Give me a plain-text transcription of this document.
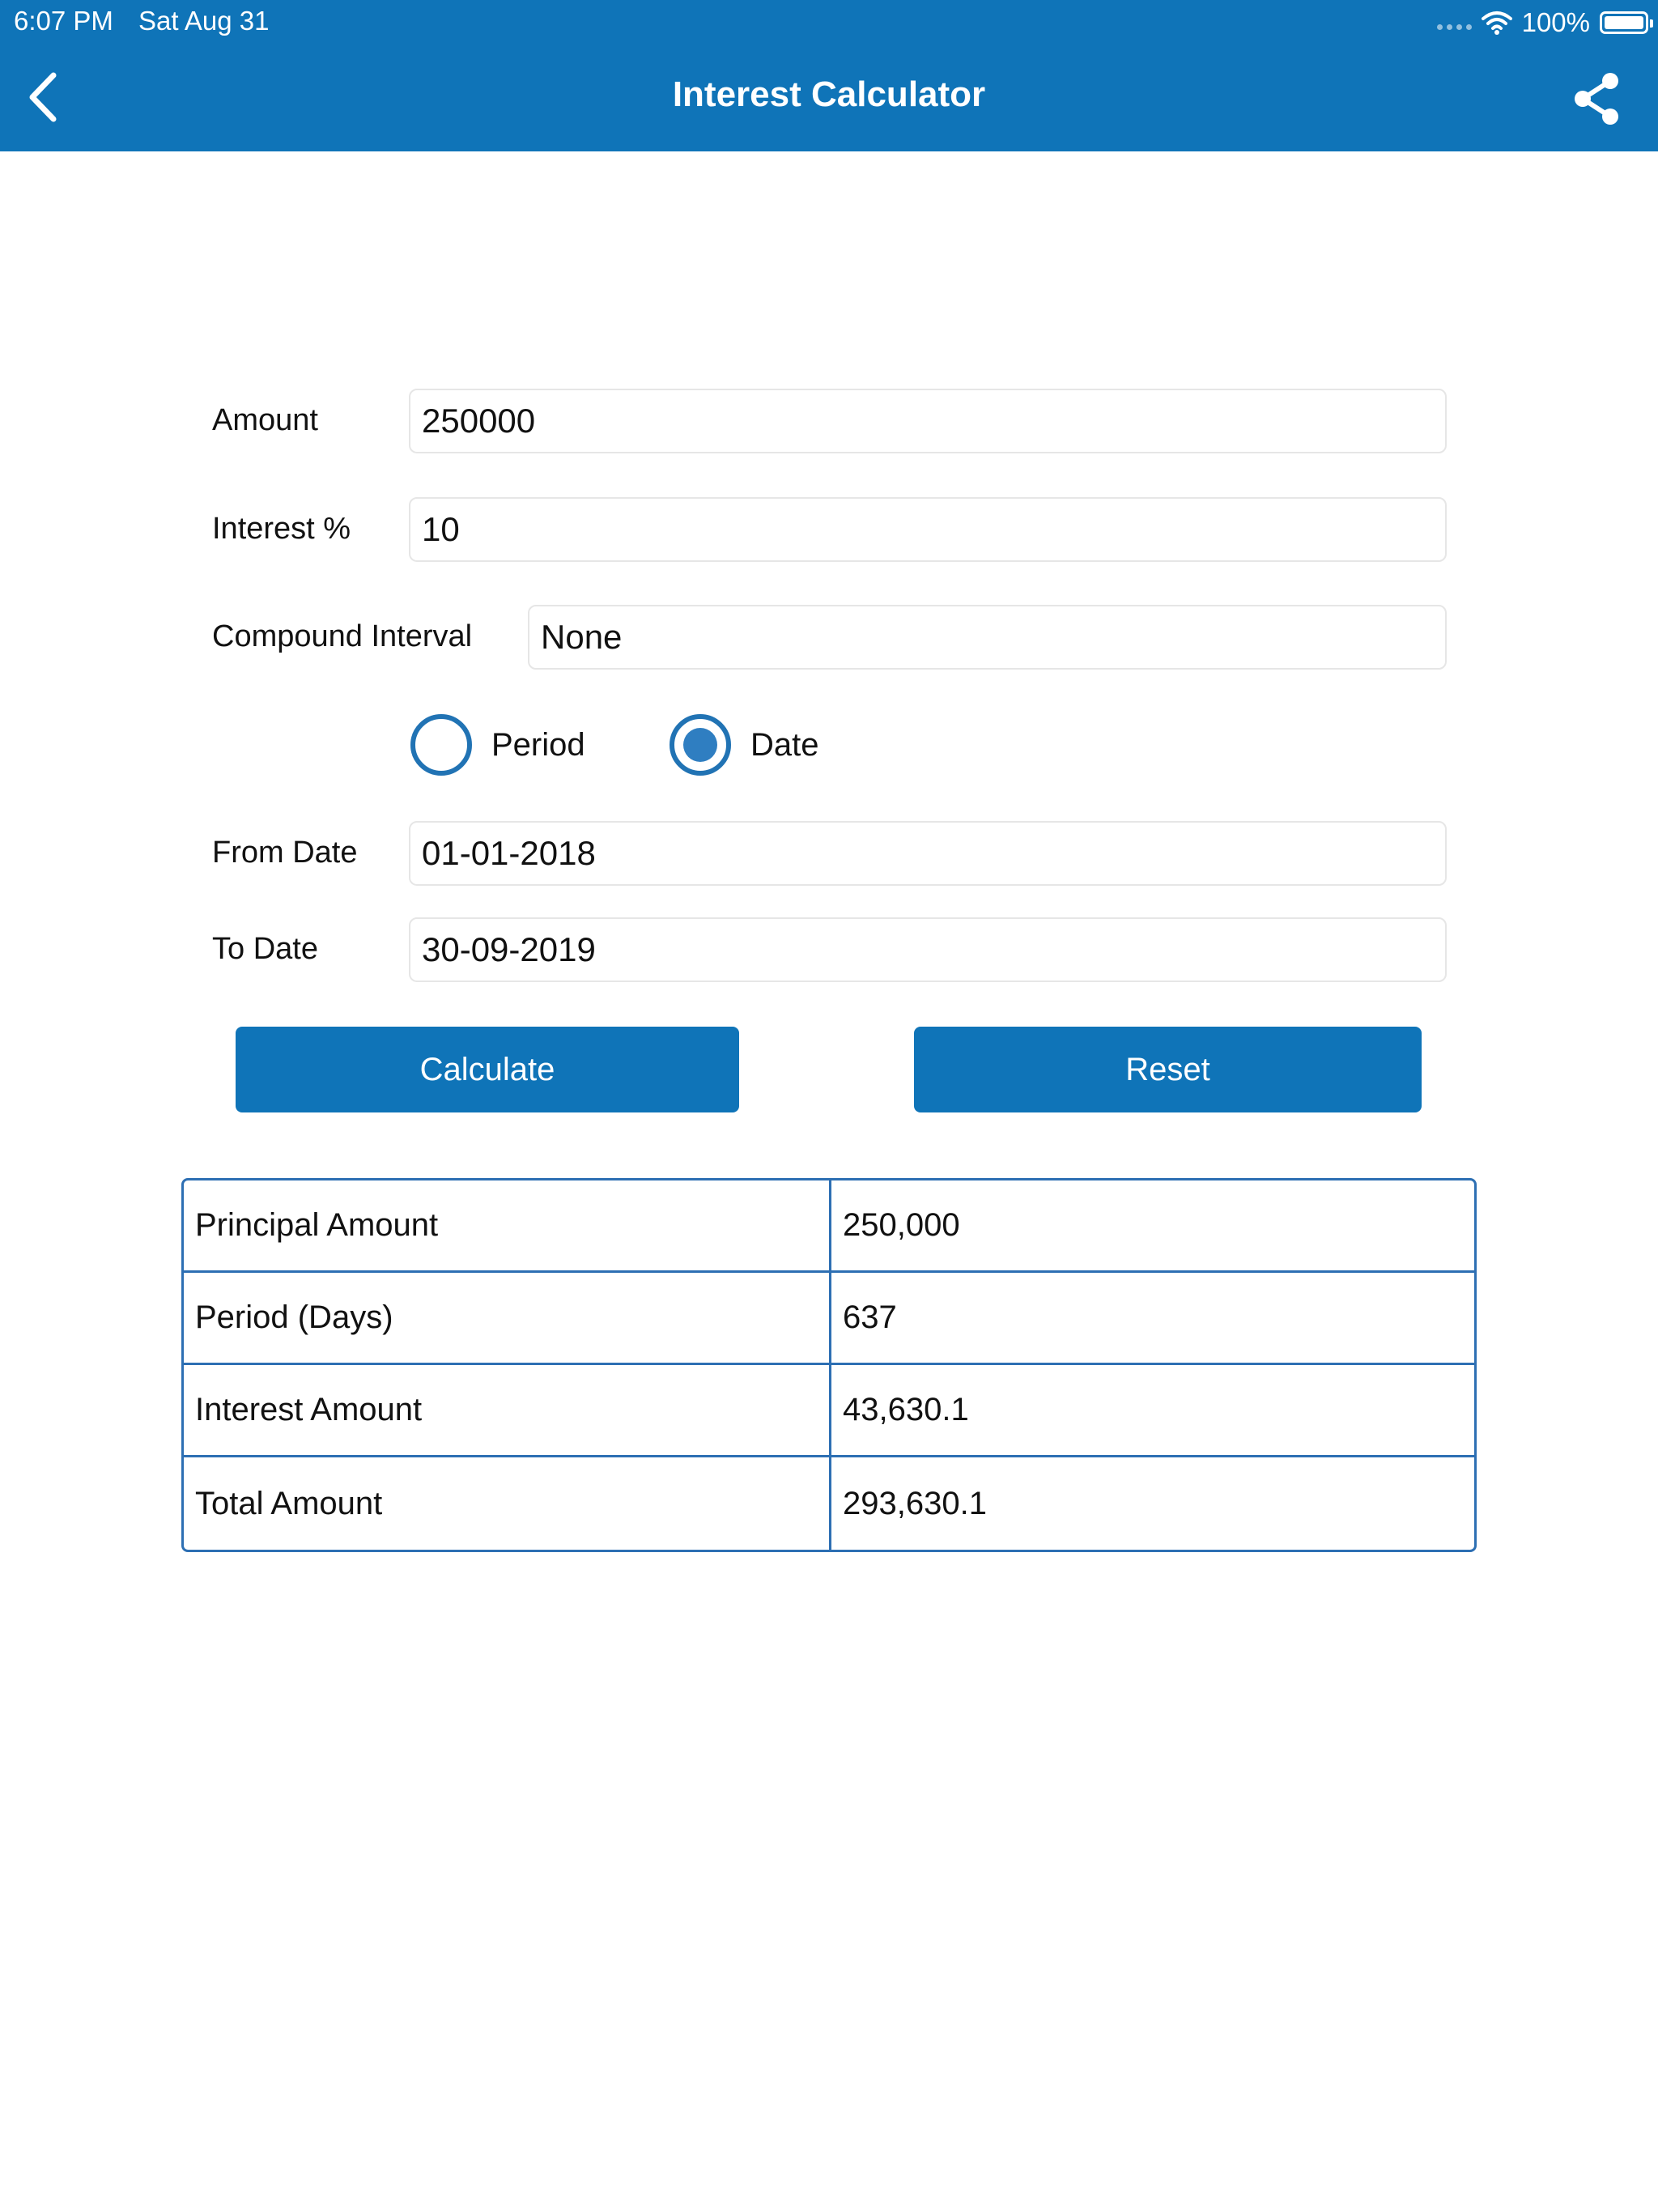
6:07 PM Sat Aug 31	100%
Interest Calculator
Amount
250000
Interest %
10
Compound Interval
None
Period	Date
From Date
01-01-2018
To Date
30-09-2019
Calculate	Reset
Principal Amount	250,000
Period (Days)	637
Interest Amount	43,630.1
Total Amount	293,630.1
